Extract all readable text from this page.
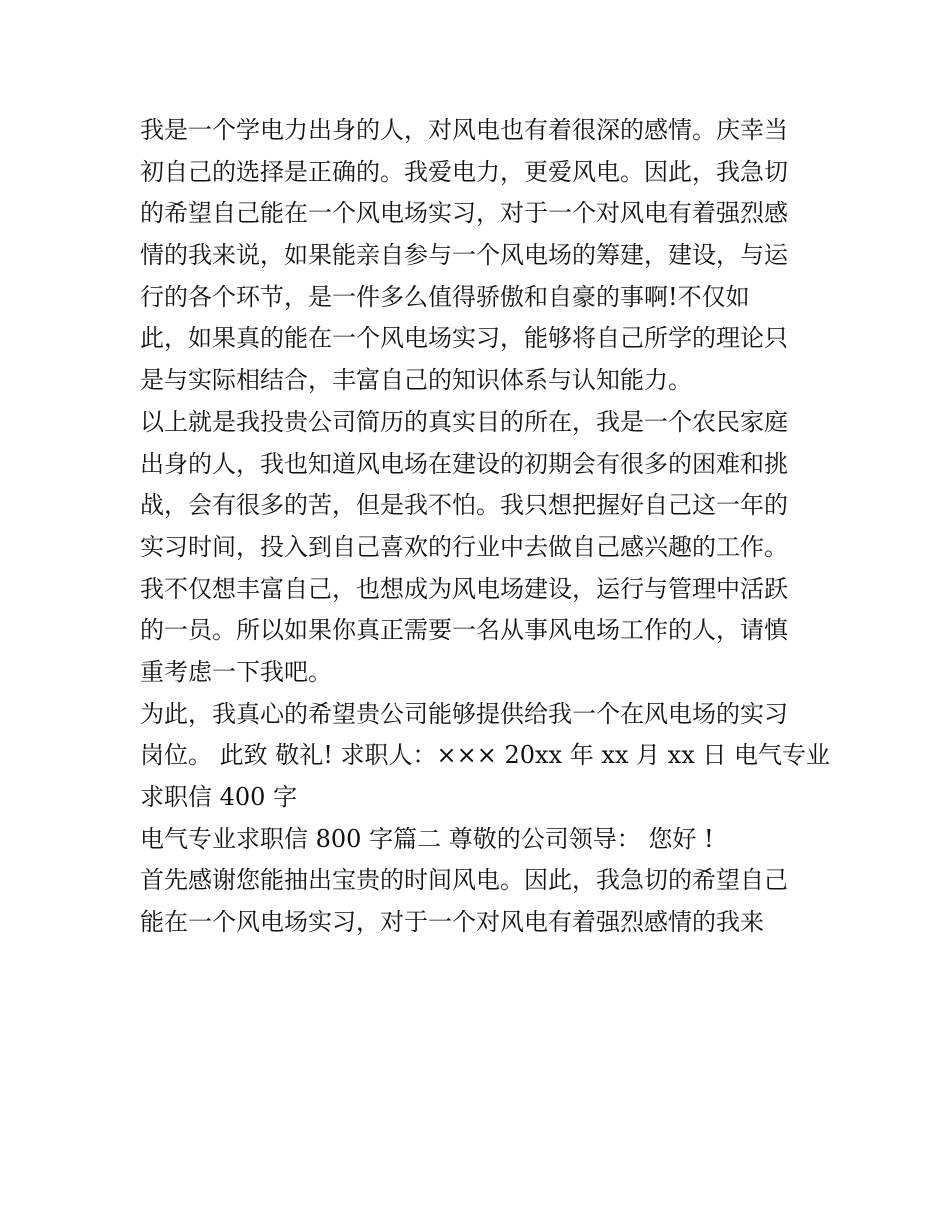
我是一个学电力出身的人，对风电也有着很深的感情。庆幸当
初自己的选择是正确的。我爱电力，更爱风电。因此，我急切
的希望自己能在一个风电场实习，对于一个对风电有着强烈感
情的我来说，如果能亲自参与一个风电场的筹建，建设，与运
行的各个环节，是一件多么值得骄傲和自豪的事啊!不仅如
此，如果真的能在一个风电场实习，能够将自己所学的理论只
是与实际相结合，丰富自己的知识体系与认知能力。
以上就是我投贵公司简历的真实目的所在，我是一个农民家庭
出身的人，我也知道风电场在建设的初期会有很多的困难和挑
战，会有很多的苦，但是我不怕。我只想把握好自己这一年的
实习时间，投入到自己喜欢的行业中去做自己感兴趣的工作。
我不仅想丰富自己，也想成为风电场建设，运行与管理中活跃
的一员。所以如果你真正需要一名从事风电场工作的人，请慎
重考虑一下我吧。
为此，我真心的希望贵公司能够提供给我一个在风电场的实习
岗位。 此致 敬礼! 求职人：××× 20xx 年 xx 月 xx 日 电气专业
求职信 400 字
电气专业求职信 800 字篇二 尊敬的公司领导： 您好 !
首先感谢您能抽出宝贵的时间风电。因此，我急切的希望自己
能在一个风电场实习，对于一个对风电有着强烈感情的我来
